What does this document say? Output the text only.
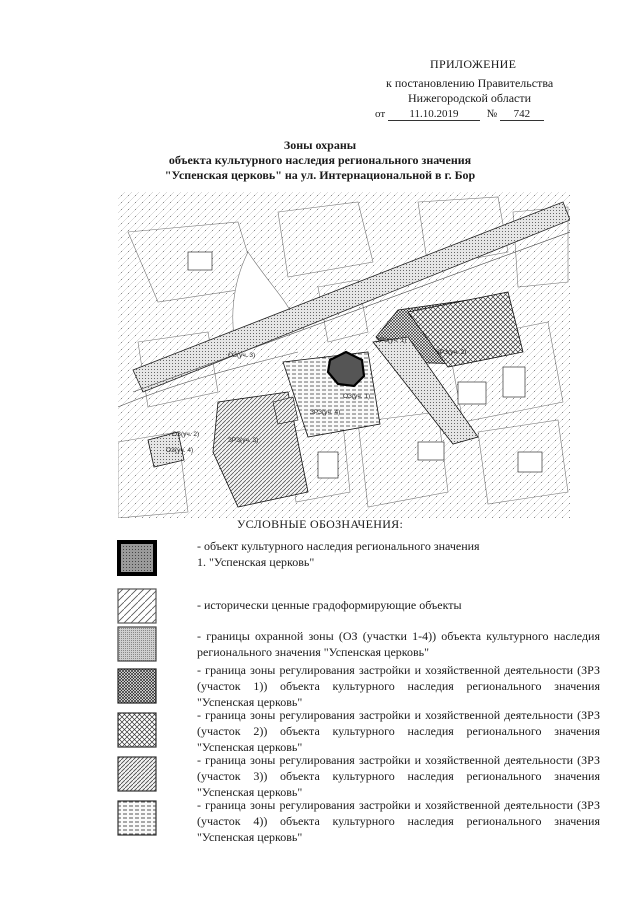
ПРИЛОЖЕНИЕ
к постановлению Правительства
Нижегородской области
от 11.10.2019	№ 742
Зоны охраны
объекта культурного наследия регионального значения
"Успенская церковь" на ул. Интернациональной в г. Бор
ОЗ(уч. 3)
ЗРЗ(уч. 1)
ЗРЗ(уч. 2)
ОЗ(уч. 1)
ЗРЗ(уч. 4)
ЗРЗ(уч. 3)
ОЗ(уч. 2)
ОЗ(уч. 4)
УСЛОВНЫЕ ОБОЗНАЧЕНИЯ:
- объект культурного наследия регионального значения
1. "Успенская церковь"
- исторически ценные градоформирующие объекты
- границы охранной зоны (ОЗ (участки 1-4)) объекта культурного наследия регионального значения "Успенская церковь"
- граница зоны регулирования застройки и хозяйственной деятельности (ЗРЗ (участок 1)) объекта культурного наследия регионального значения "Успенская церковь"
- граница зоны регулирования застройки и хозяйственной деятельности (ЗРЗ (участок 2)) объекта культурного наследия регионального значения "Успенская церковь"
- граница зоны регулирования застройки и хозяйственной деятельности (ЗРЗ (участок 3)) объекта культурного наследия регионального значения "Успенская церковь"
- граница зоны регулирования застройки и хозяйственной деятельности (ЗРЗ (участок 4)) объекта культурного наследия регионального значения "Успенская церковь"
